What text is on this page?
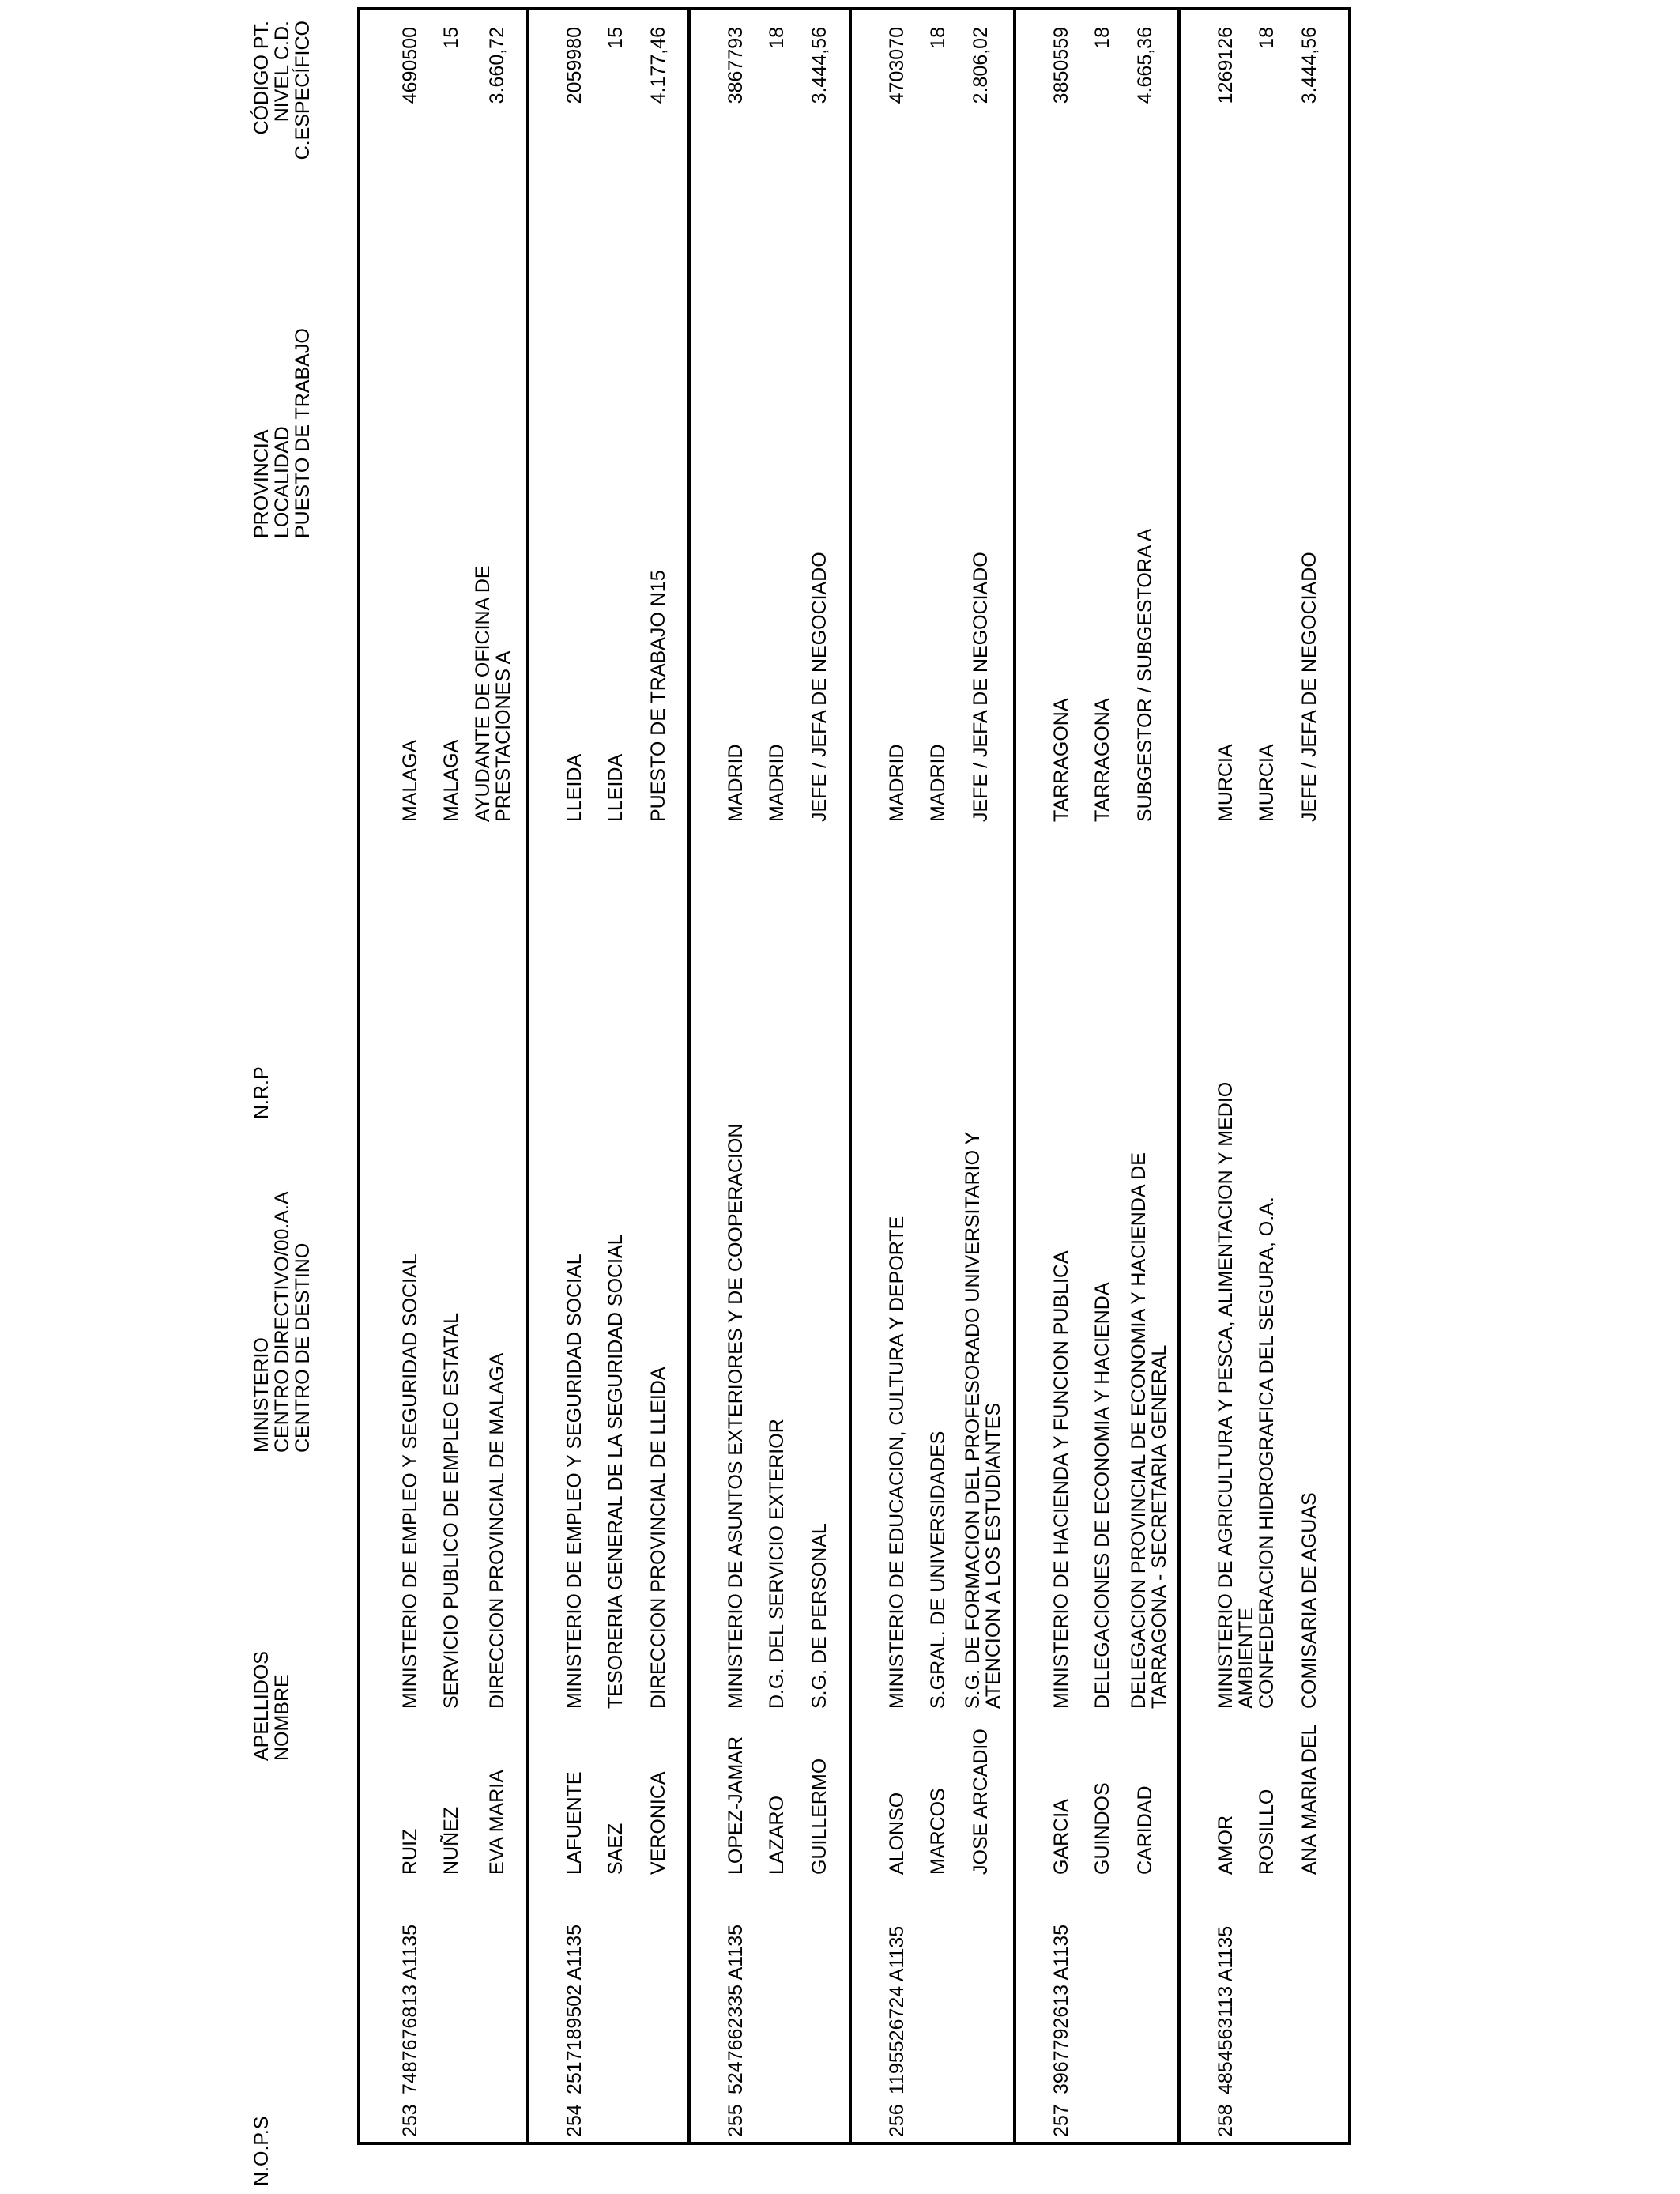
N.O.P.S
N.R.P
APELLIDOS
NOMBRE
MINISTERIO
CENTRO DIRECTIVO/00.A.A
CENTRO DE DESTINO
PROVINCIA
LOCALIDAD
PUESTO DE TRABAJO
CÓDIGO PT.
NIVEL C.D.
C.ESPECÍFICO
253
7487676813 A1135
RUIZ NUÑEZ EVA MARIA
MINISTERIO DE EMPLEO Y SEGURIDAD SOCIAL SERVICIO PUBLICO DE EMPLEO ESTATAL DIRECCION PROVINCIAL DE MALAGA
MALAGA MALAGA AYUDANTE DE OFICINA DE PRESTACIONES A
4690500 15 3.660,72
254
2517189502 A1135
LAFUENTE SAEZ VERONICA
MINISTERIO DE EMPLEO Y SEGURIDAD SOCIAL TESORERIA GENERAL DE LA SEGURIDAD SOCIAL DIRECCION PROVINCIAL DE LLEIDA
LLEIDA LLEIDA PUESTO DE TRABAJO N15
2059980 15 4.177,46
255
5247662335 A1135
LOPEZ-JAMAR LAZARO GUILLERMO
MINISTERIO DE ASUNTOS EXTERIORES Y DE COOPERACION D.G. DEL SERVICIO EXTERIOR S.G. DE PERSONAL
MADRID MADRID JEFE / JEFA DE NEGOCIADO
3867793 18 3.444,56
256
1195526724 A1135
ALONSO MARCOS JOSE ARCADIO
MINISTERIO DE EDUCACION, CULTURA Y DEPORTE S.GRAL. DE UNIVERSIDADES S.G. DE FORMACION DEL PROFESORADO UNIVERSITARIO Y ATENCION A LOS ESTUDIANTES
MADRID MADRID JEFE / JEFA DE NEGOCIADO
4703070 18 2.806,02
257
3967792613 A1135
GARCIA GUINDOS CARIDAD
MINISTERIO DE HACIENDA Y FUNCION PUBLICA DELEGACIONES DE ECONOMIA Y HACIENDA DELEGACION PROVINCIAL DE ECONOMIA Y HACIENDA DE TARRAGONA - SECRETARIA GENERAL
TARRAGONA TARRAGONA SUBGESTOR / SUBGESTORA A
3850559 18 4.665,36
258
4854563113 A1135
AMOR ROSILLO ANA MARIA DEL
MINISTERIO DE AGRICULTURA Y PESCA, ALIMENTACION Y MEDIO AMBIENTE
CONFEDERACION HIDROGRAFICA DEL SEGURA, O.A. COMISARIA DE AGUAS
MURCIA MURCIA JEFE / JEFA DE NEGOCIADO
1269126 18 3.444,56
